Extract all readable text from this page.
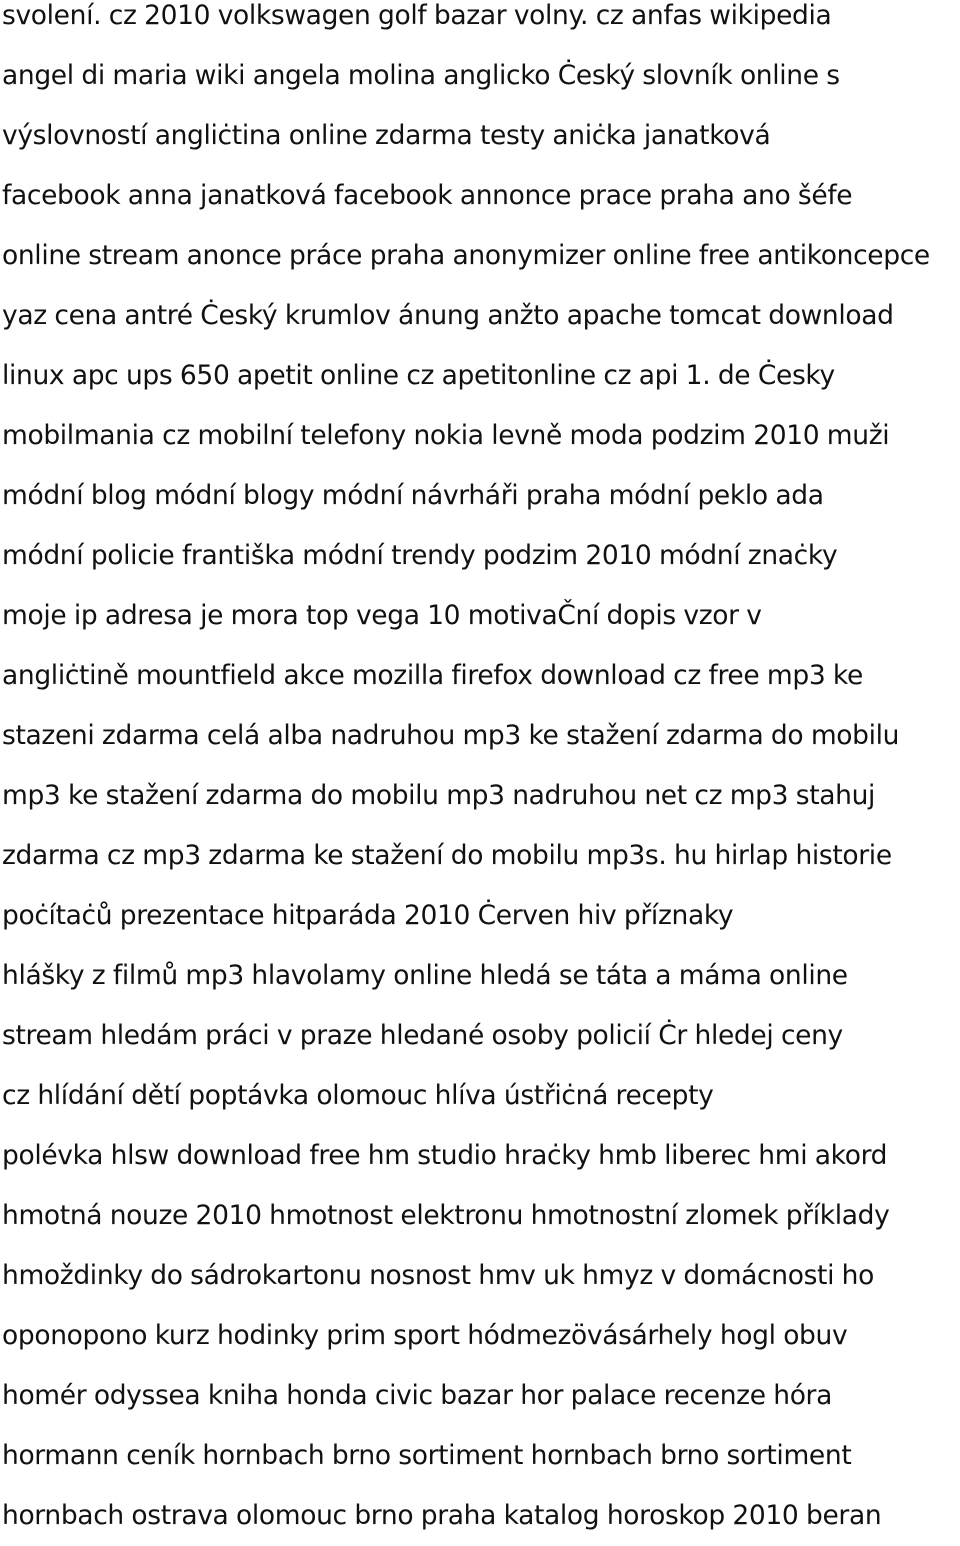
svolení. cz 2010 volkswagen golf bazar volny. cz anfas wikipedia
angel di maria wiki angela molina anglicko Ċeský slovník online s
výslovností angliċtina online zdarma testy aniċka janatková
facebook anna janatková facebook annonce prace praha ano šéfe
online stream anonce práce praha anonymizer online free antikoncepce
yaz cena antré Ċeský krumlov ánung anžto apache tomcat download
linux apc ups 650 apetit online cz apetitonline cz api 1. de Ċesky
mobilmania cz mobilní telefony nokia levně moda podzim 2010 muži
módní blog módní blogy módní návrháři praha módní peklo ada
módní policie františka módní trendy podzim 2010 módní znaċky
moje ip adresa je mora top vega 10 motivaČní dopis vzor v
angliċtině mountfield akce mozilla firefox download cz free mp3 ke
stazeni zdarma celá alba nadruhou mp3 ke stažení zdarma do mobilu
mp3 ke stažení zdarma do mobilu mp3 nadruhou net cz mp3 stahuj
zdarma cz mp3 zdarma ke stažení do mobilu mp3s. hu hirlap historie
poċítaċů prezentace hitparáda 2010 Ċerven hiv příznaky
hlášky z filmů mp3 hlavolamy online hledá se táta a máma online
stream hledám práci v praze hledané osoby policií Ċr hledej ceny
cz hlídání dětí poptávka olomouc hlíva ústřiċná recepty
polévka hlsw download free hm studio hraċky hmb liberec hmi akord
hmotná nouze 2010 hmotnost elektronu hmotnostní zlomek příklady
hmoždinky do sádrokartonu nosnost hmv uk hmyz v domácnosti ho
oponopono kurz hodinky prim sport hódmezövásárhely hogl obuv
homér odyssea kniha honda civic bazar hor palace recenze hóra
hormann ceník hornbach brno sortiment hornbach brno sortiment
hornbach ostrava olomouc brno praha katalog horoskop 2010 beran
